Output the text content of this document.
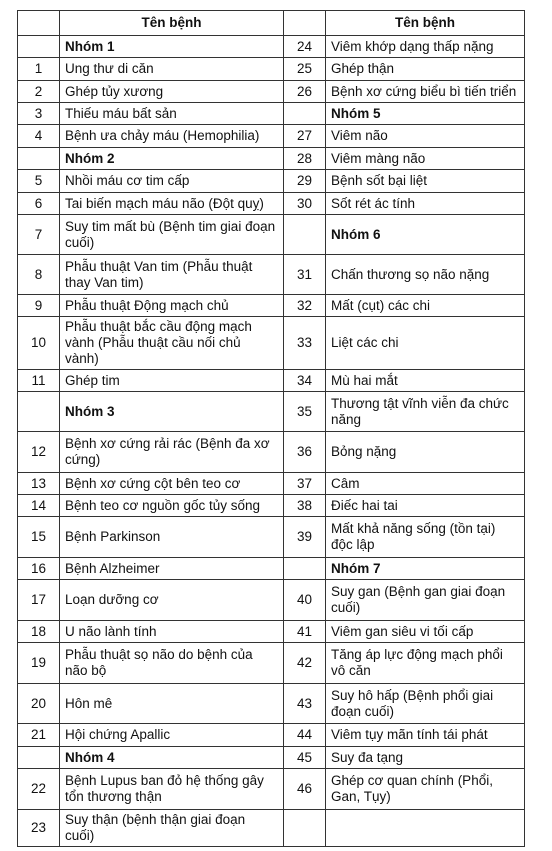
	Tên bệnh		Tên bệnh
	Nhóm 1	24	Viêm khớp dạng thấp nặng
1	Ung thư di căn	25	Ghép thận
2	Ghép tủy xương	26	Bệnh xơ cứng biểu bì tiến triển
3	Thiếu máu bất sản		Nhóm 5
4	Bệnh ưa chảy máu (Hemophilia)	27	Viêm não
	Nhóm 2	28	Viêm màng não
5	Nhồi máu cơ tim cấp	29	Bệnh sốt bại liệt
6	Tai biến mạch máu não (Đột quỵ)	30	Sốt rét ác tính
7	Suy tim mất bù (Bệnh tim giai đoạn cuối)		Nhóm 6
8	Phẫu thuật Van tim (Phẫu thuật thay Van tim)	31	Chấn thương sọ não nặng
9	Phẫu thuật Động mạch chủ	32	Mất (cụt) các chi
10	Phẫu thuật bắc cầu động mạch vành (Phẫu thuật cầu nối chủ vành)	33	Liệt các chi
11	Ghép tim	34	Mù hai mắt
	Nhóm 3	35	Thương tật vĩnh viễn đa chức năng
12	Bệnh xơ cứng rải rác (Bệnh đa xơ cứng)	36	Bỏng nặng
13	Bệnh xơ cứng cột bên teo cơ	37	Câm
14	Bệnh teo cơ nguồn gốc tủy sống	38	Điếc hai tai
15	Bệnh Parkinson	39	Mất khả năng sống (tồn tại) độc lập
16	Bệnh Alzheimer		Nhóm 7
17	Loạn dưỡng cơ	40	Suy gan (Bệnh gan giai đoạn cuối)
18	U não lành tính	41	Viêm gan siêu vi tối cấp
19	Phẫu thuật sọ não do bệnh của não bộ	42	Tăng áp lực động mạch phổi vô căn
20	Hôn mê	43	Suy hô hấp (Bệnh phổi giai đoạn cuối)
21	Hội chứng Apallic	44	Viêm tụy mãn tính tái phát
	Nhóm 4	45	Suy đa tạng
22	Bệnh Lupus ban đỏ hệ thống gây tổn thương thận	46	Ghép cơ quan chính (Phổi, Gan, Tụy)
23	Suy thận (bệnh thận giai đoạn cuối)		
